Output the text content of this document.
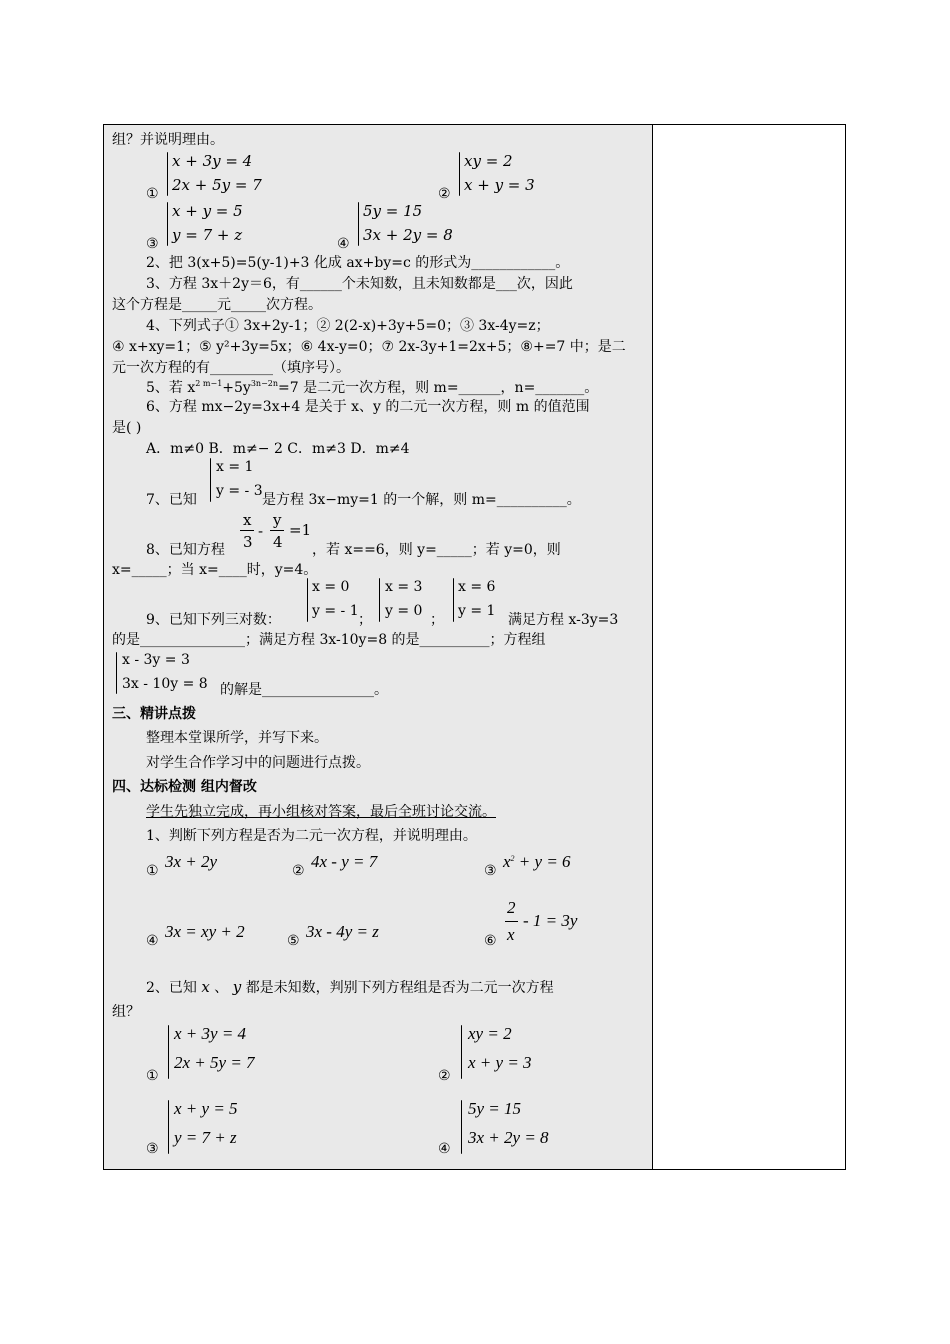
组？并说明理由。
①
x + 3y = 4
2x + 5y = 7	②
xy = 2
x + y = 3
③
x + y = 5
y = 7 + z	④
5y = 15
3x + 2y = 8
2、把 3(x+5)=5(y-1)+3 化成 ax+by=c 的形式为____________。
3、方程 3x＋2y＝6，有______个未知数，且未知数都是___次，因此
这个方程是_____元_____次方程。
4、下列式子① 3x+2y-1；② 2(2-x)+3y+5=0；③ 3x-4y=z；
④ x+xy=1；⑤ y²+3y=5x；⑥ 4x-y=0；⑦ 2x-3y+1=2x+5；⑧+=7 中；是二
元一次方程的有_________（填序号）。
5、若 $x^{2 m-1}+5y^{3n-2n}=7$ 是二元一次方程，则 m=______，n=_______。
6、方程 mx−2y=3x+4 是关于 x、y 的二元一次方程，则 m 的值范围
是( )
A．m≠0 B．m≠− 2 C．m≠3 D．m≠4
7、已知
x = 1
y = - 3
是方程 3x−my=1 的一个解，则 m=__________。
8、已知方程
x
3
-
y
4
=1
，若 x==6，则 y=_____；若 y=0，则
x=_____；当 x=____时，y=4。
9、已知下列三对数：
x = 0
y = - 1
；
x = 3
y = 0
；
x = 6
y = 1
满足方程 x-3y=3
的是_______________；满足方程 3x-10y=8 的是__________；方程组
x - 3y = 3
3x - 10y = 8 的解是________________。
三、精讲点拨
整理本堂课所学，并写下来。
对学生合作学习中的问题进行点拨。
四、达标检测 组内督改
学生先独立完成，再小组核对答案，最后全班讨论交流。
1、判断下列方程是否为二元一次方程，并说明理由。
① 3x + 2y	② 4x - y = 7	③ $x^2 + y = 6$
④ 3x = xy + 2	⑤ 3x - 4y = z	⑥
2
x
- 1 = 3y
2、已知 x 、 y 都是未知数，判别下列方程组是否为二元一次方程
组？
①
x + 3y = 4
2x + 5y = 7
②
xy = 2
x + y = 3
③
x + y = 5
y = 7 + z
④
5y = 15
3x + 2y = 8
